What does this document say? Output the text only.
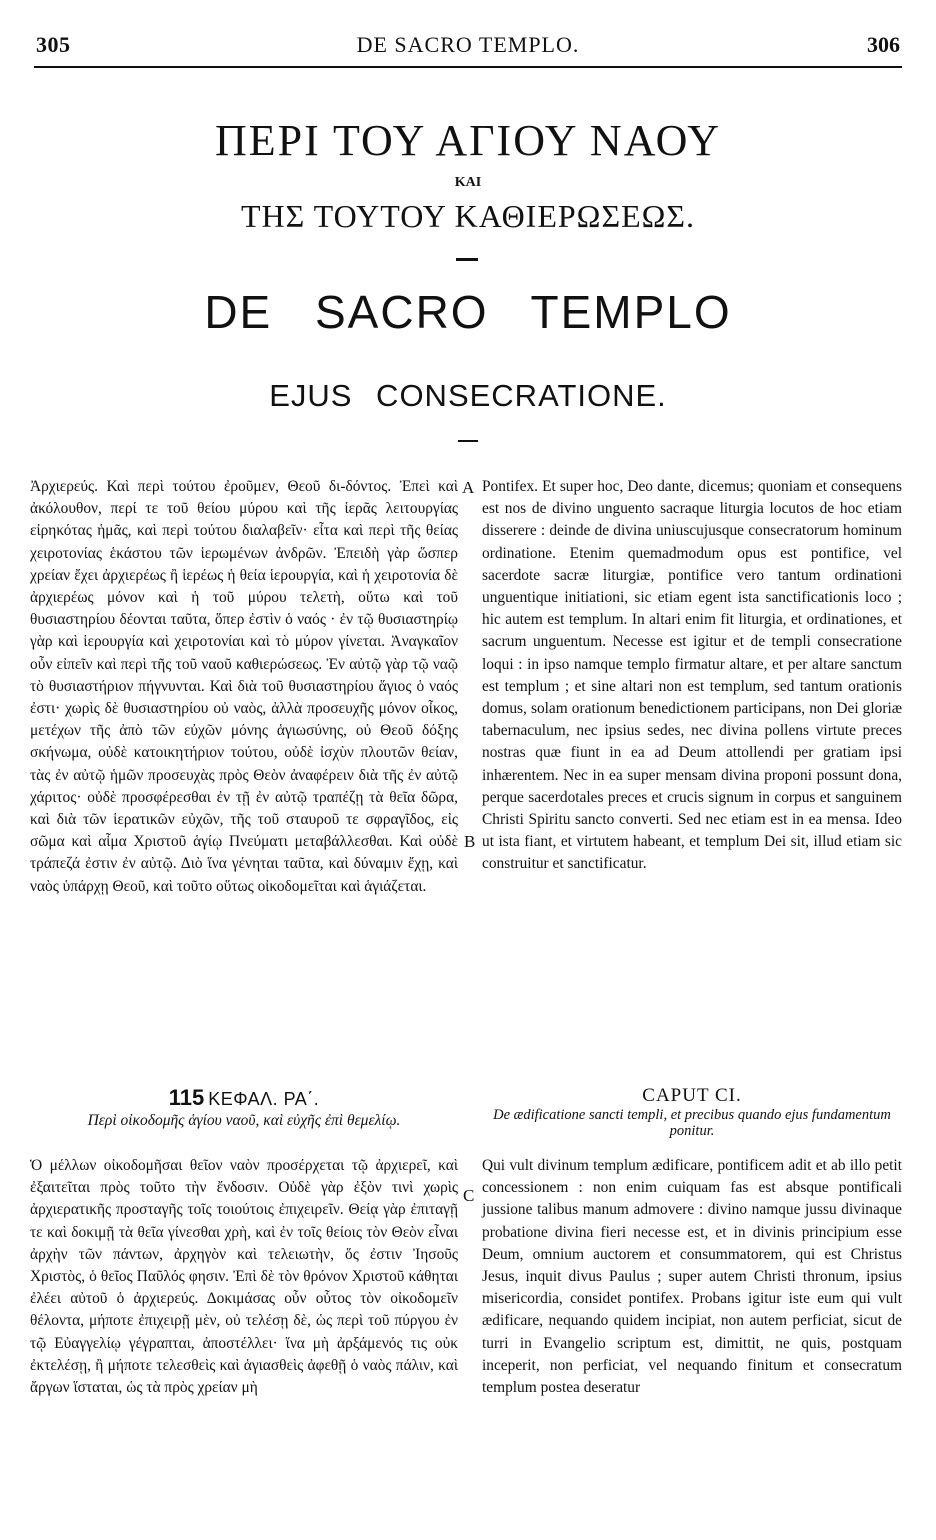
305	DE SACRO TEMPLO.	306
ΠΕΡΙ ΤΟΥ ΑΓΙΟΥ ΝΑΟΥ
ΚΑΙ
ΤΗΣ ΤΟΥΤΟΥ ΚΑΘΙΕΡΩΣΕΩΣ.
DE SACRO TEMPLO
EJUS CONSECRATIONE.

Ἀρχιερεύς. Καὶ περὶ τούτου ἐροῦμεν, Θεοῦ δι-δόντος. Ἐπεὶ καὶ ἀκόλουθον, περί τε τοῦ θείου μύρου καὶ τῆς ἱερᾶς λειτουργίας εἰρηκότας ἡμᾶς, καὶ περὶ τούτου διαλαβεῖν· εἶτα καὶ περὶ τῆς θείας χειροτονίας ἑκάστου τῶν ἱερωμένων ἀνδρῶν. Ἐπειδὴ γὰρ ὥσπερ χρείαν ἔχει ἀρχιερέως ἢ ἱερέως ἡ θεία ἱερουργία, καὶ ἡ χειροτονία δὲ ἀρχιερέως μόνον καὶ ἡ τοῦ μύρου τελετὴ, οὕτω καὶ τοῦ θυσιαστηρίου δέονται ταῦτα, ὅπερ ἐστὶν ὁ ναός · ἐν τῷ θυσιαστηρίῳ γὰρ καὶ ἱερουργία καὶ χειροτονίαι καὶ τὸ μύρον γίνεται. Ἀναγκαῖον οὖν εἰπεῖν καὶ περὶ τῆς τοῦ ναοῦ καθιερώσεως. Ἐν αὐτῷ γὰρ τῷ ναῷ τὸ θυσιαστήριον πήγνυνται. Καὶ διὰ τοῦ θυσιαστηρίου ἅγιος ὁ ναός ἐστι· χωρὶς δὲ θυσιαστηρίου οὐ ναὸς, ἀλλὰ προσευχῆς μόνον οἶκος, μετέχων τῆς ἀπὸ τῶν εὐχῶν μόνης ἁγιωσύνης, οὐ Θεοῦ δόξης σκήνωμα, οὐδὲ κατοικητήριον τούτου, οὐδὲ ἰσχὺν πλουτῶν θείαν, τὰς ἐν αὐτῷ ἡμῶν προσευχὰς πρὸς Θεὸν ἀναφέρειν διὰ τῆς ἐν αὐτῷ χάριτος· οὐδὲ προσφέρεσθαι ἐν τῇ ἐν αὐτῷ τραπέζῃ τὰ θεῖα δῶρα, καὶ διὰ τῶν ἱερατικῶν εὐχῶν, τῆς τοῦ σταυροῦ τε σφραγῖδος, εἰς σῶμα καὶ αἷμα Χριστοῦ ἁγίῳ Πνεύματι μεταβάλλεσθαι. Καὶ οὐδὲ τράπεζά ἐστιν ἐν αὐτῷ. Διὸ ἵνα γένηται ταῦτα, καὶ δύναμιν ἔχῃ, καὶ ναὸς ὑπάρχῃ Θεοῦ, καὶ τοῦτο οὕτως οἰκοδομεῖται καὶ ἁγιάζεται.

Pontifex. Et super hoc, Deo dante, dicemus; quoniam et consequens est nos de divino unguento sacraque liturgia locutos de hoc etiam disserere : deinde de divina uniuscujusque consecratorum hominum ordinatione. Etenim quemadmodum opus est pontifice, vel sacerdote sacræ liturgiæ, pontifice vero tantum ordinationi unguentique initiationi, sic etiam egent ista sanctificationis loco ; hic autem est templum. In altari enim fit liturgia, et ordinationes, et sacrum unguentum. Necesse est igitur et de templi consecratione loqui : in ipso namque templo firmatur altare, et per altare sanctum est templum ; et sine altari non est templum, sed tantum orationis domus, solam orationum benedictionem participans, non Dei gloriæ tabernaculum, nec ipsius sedes, nec divina pollens virtute preces nostras quæ fiunt in ea ad Deum attollendi per gratiam ipsi inhærentem. Nec in ea super mensam divina proponi possunt dona, perque sacerdotales preces et crucis signum in corpus et sanguinem Christi Spiritu sancto converti. Sed nec etiam est in ea mensa. Ideo ut ista fiant, et virtutem habeant, et templum Dei sit, illud etiam sic construitur et sanctificatur.

A
B
C
115 ΚΕΦΑΛ. ΡΑ΄.
Περὶ οἰκοδομῆς ἁγίου ναοῦ, καὶ εὐχῆς ἐπὶ θεμελίῳ.
CAPUT CI.
De ædificatione sancti templi, et precibus quando ejus fundamentum ponitur.

Ὁ μέλλων οἰκοδομῆσαι θεῖον ναὸν προσέρχεται τῷ ἀρχιερεῖ, καὶ ἐξαιτεῖται πρὸς τοῦτο τὴν ἔνδοσιν. Οὐδὲ γὰρ ἐξὸν τινὶ χωρὶς ἀρχιερατικῆς προσταγῆς τοῖς τοιούτοις ἐπιχειρεῖν. Θείᾳ γὰρ ἐπιταγῇ τε καὶ δοκιμῇ τὰ θεῖα γίνεσθαι χρὴ, καὶ ἐν τοῖς θείοις τὸν Θεὸν εἶναι ἀρχὴν τῶν πάντων, ἀρχηγὸν καὶ τελειωτὴν, ὅς ἐστιν Ἰησοῦς Χριστὸς, ὁ θεῖος Παῦλός φησιν. Ἐπὶ δὲ τὸν θρόνον Χριστοῦ κάθηται ἐλέει αὐτοῦ ὁ ἀρχιερεύς. Δοκιμάσας οὖν οὗτος τὸν οἰκοδομεῖν θέλοντα, μήποτε ἐπιχειρῇ μὲν, οὐ τελέσῃ δὲ, ὡς περὶ τοῦ πύργου ἐν τῷ Εὐαγγελίῳ γέγραπται, ἀποστέλλει· ἵνα μὴ ἀρξάμενός τις οὐκ ἐκτελέσῃ, ἢ μήποτε τελεσθεὶς καὶ ἁγιασθεὶς ἀφεθῇ ὁ ναὸς πάλιν, καὶ ἄργων ἵσταται, ὡς τὰ πρὸς χρείαν μὴ

Qui vult divinum templum ædificare, pontificem adit et ab illo petit concessionem : non enim cuiquam fas est absque pontificali jussione talibus manum admovere : divino namque jussu divinaque probatione divina fieri necesse est, et in divinis principium esse Deum, omnium auctorem et consummatorem, qui est Christus Jesus, inquit divus Paulus ; super autem Christi thronum, ipsius misericordia, considet pontifex. Probans igitur iste eum qui vult ædificare, nequando quidem incipiat, non autem perficiat, sicut de turri in Evangelio scriptum est, dimittit, ne quis, postquam inceperit, non perficiat, vel nequando finitum et consecratum templum postea deseratur
